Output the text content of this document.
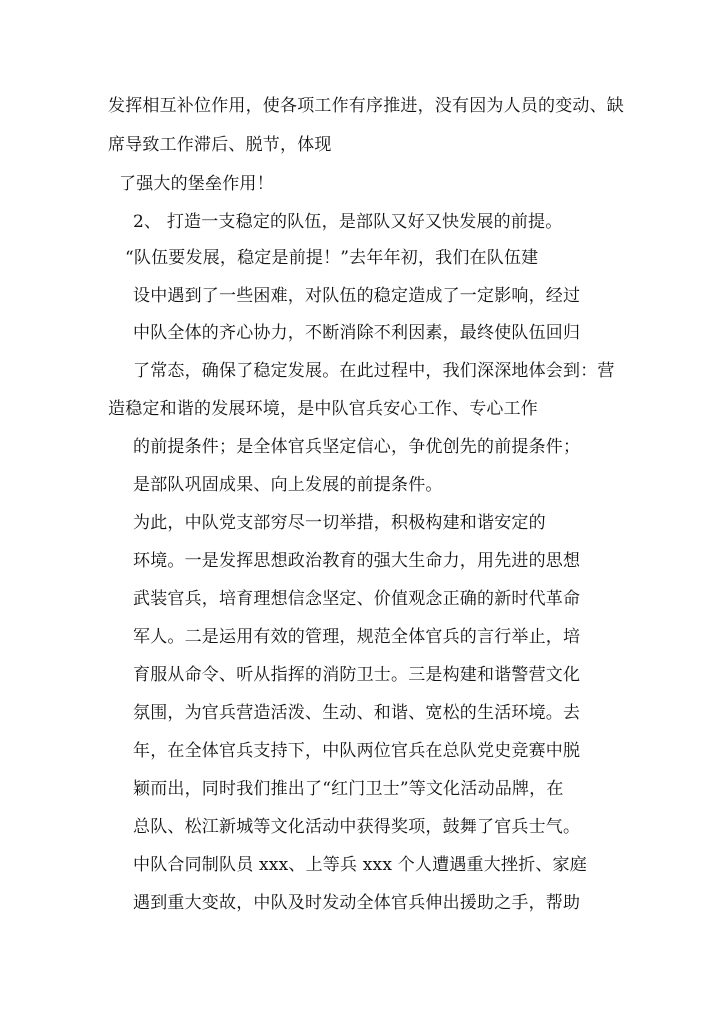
发挥相互补位作用，使各项工作有序推进，没有因为人员的变动、缺
席导致工作滞后、脱节，体现
了强大的堡垒作用！
2、 打造一支稳定的队伍，是部队又好又快发展的前提。
“队伍要发展，稳定是前提！”去年年初，我们在队伍建
设中遇到了一些困难，对队伍的稳定造成了一定影响，经过
中队全体的齐心协力，不断消除不利因素，最终使队伍回归
了常态，确保了稳定发展。在此过程中，我们深深地体会到：营
造稳定和谐的发展环境，是中队官兵安心工作、专心工作
的前提条件；是全体官兵坚定信心，争优创先的前提条件；
是部队巩固成果、向上发展的前提条件。
为此，中队党支部穷尽一切举措，积极构建和谐安定的
环境。一是发挥思想政治教育的强大生命力，用先进的思想
武装官兵，培育理想信念坚定、价值观念正确的新时代革命
军人。二是运用有效的管理，规范全体官兵的言行举止，培
育服从命令、听从指挥的消防卫士。三是构建和谐警营文化
氛围，为官兵营造活泼、生动、和谐、宽松的生活环境。去
年，在全体官兵支持下，中队两位官兵在总队党史竞赛中脱
颖而出，同时我们推出了“红门卫士”等文化活动品牌，在
总队、松江新城等文化活动中获得奖项，鼓舞了官兵士气。
中队合同制队员 xxx、上等兵 xxx 个人遭遇重大挫折、家庭
遇到重大变故，中队及时发动全体官兵伸出援助之手，帮助
